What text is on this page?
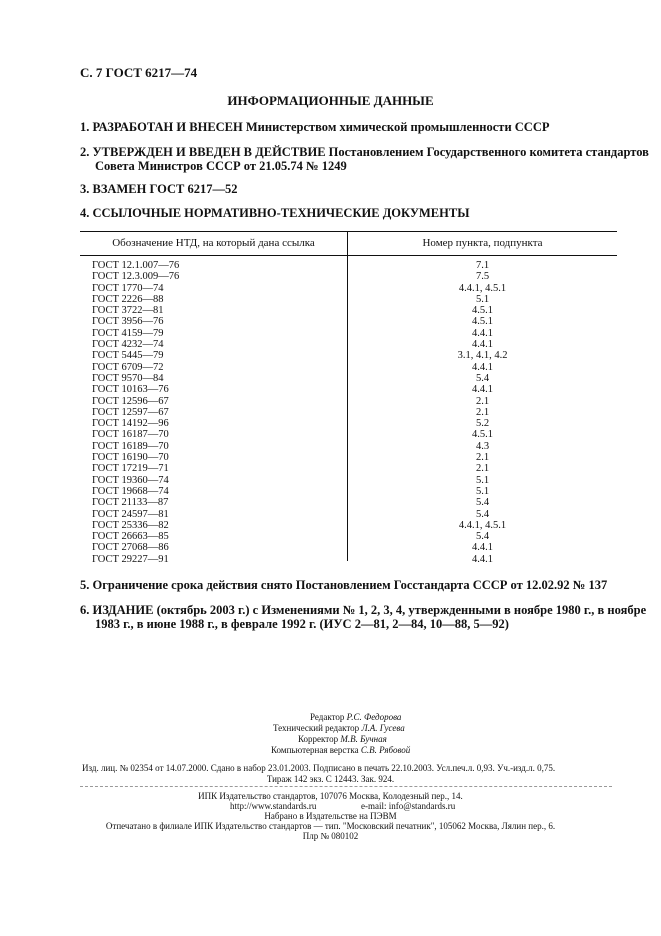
С. 7 ГОСТ 6217—74
ИНФОРМАЦИОННЫЕ ДАННЫЕ
1. РАЗРАБОТАН И ВНЕСЕН Министерством химической промышленности СССР
2. УТВЕРЖДЕН И ВВЕДЕН В ДЕЙСТВИЕ Постановлением Государственного комитета стандартов
Совета Министров СССР от 21.05.74 № 1249
3. ВЗАМЕН ГОСТ 6217—52
4. ССЫЛОЧНЫЕ НОРМАТИВНО-ТЕХНИЧЕСКИЕ ДОКУМЕНТЫ
Обозначение НТД, на который дана ссылка	Номер пункта, подпункта
ГОСТ 12.1.007—76	7.1
ГОСТ 12.3.009—76	7.5
ГОСТ 1770—74	4.4.1, 4.5.1
ГОСТ 2226—88	5.1
ГОСТ 3722—81	4.5.1
ГОСТ 3956—76	4.5.1
ГОСТ 4159—79	4.4.1
ГОСТ 4232—74	4.4.1
ГОСТ 5445—79	3.1, 4.1, 4.2
ГОСТ 6709—72	4.4.1
ГОСТ 9570—84	5.4
ГОСТ 10163—76	4.4.1
ГОСТ 12596—67	2.1
ГОСТ 12597—67	2.1
ГОСТ 14192—96	5.2
ГОСТ 16187—70	4.5.1
ГОСТ 16189—70	4.3
ГОСТ 16190—70	2.1
ГОСТ 17219—71	2.1
ГОСТ 19360—74	5.1
ГОСТ 19668—74	5.1
ГОСТ 21133—87	5.4
ГОСТ 24597—81	5.4
ГОСТ 25336—82	4.4.1, 4.5.1
ГОСТ 26663—85	5.4
ГОСТ 27068—86	4.4.1
ГОСТ 29227—91	4.4.1
5. Ограничение срока действия снято Постановлением Госстандарта СССР от 12.02.92 № 137
6. ИЗДАНИЕ (октябрь 2003 г.) с Изменениями № 1, 2, 3, 4, утвержденными в ноябре 1980 г., в ноябре
1983 г., в июне 1988 г., в феврале 1992 г. (ИУС 2—81, 2—84, 10—88, 5—92)
Редактор Р.С. Федорова
Технический редактор Л.А. Гусева
Корректор М.В. Бучная
Компьютерная верстка С.В. Рябовой
Изд. лиц. № 02354 от 14.07.2000. Сдано в набор 23.01.2003. Подписано в печать 22.10.2003. Усл.печ.л. 0,93. Уч.-изд.л. 0,75.
Тираж 142 экз. С 12443. Зак. 924.
ИПК Издательство стандартов, 107076 Москва, Колодезный пер., 14.
http://www.standards.ru	e-mail: info@standards.ru
Набрано в Издательстве на ПЭВМ
Отпечатано в филиале ИПК Издательство стандартов — тип. "Московский печатник", 105062 Москва, Лялин пер., 6.
Плр № 080102
